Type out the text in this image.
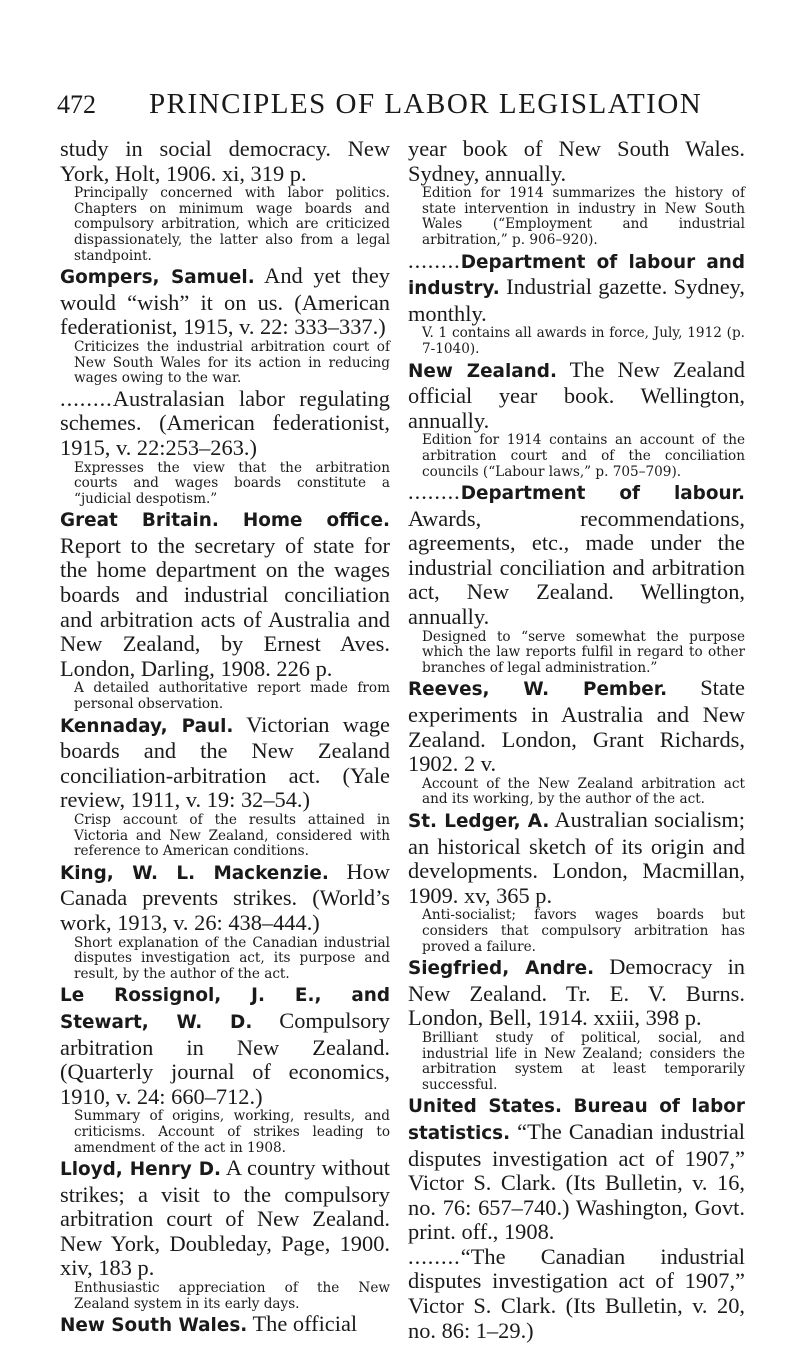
472	PRINCIPLES OF LABOR LEGISLATION

study in social democracy. New York, Holt, 1906. xi, 319 p.

Principally concerned with labor politics. Chapters on minimum wage boards and compulsory arbitration, which are criticized dispassionately, the latter also from a legal standpoint.

Gompers, Samuel. And yet they would “wish” it on us. (American federationist, 1915, v. 22: 333–337.)

Criticizes the industrial arbitration court of New South Wales for its action in reducing wages owing to the war.

........Australasian labor regulating schemes. (American federationist, 1915, v. 22:253–263.)

Expresses the view that the arbitration courts and wages boards constitute a “judicial despotism.”

Great Britain. Home office. Report to the secretary of state for the home department on the wages boards and industrial conciliation and arbitration acts of Australia and New Zealand, by Ernest Aves. London, Darling, 1908. 226 p.

A detailed authoritative report made from personal observation.

Kennaday, Paul. Victorian wage boards and the New Zealand conciliation-arbitration act. (Yale review, 1911, v. 19: 32–54.)

Crisp account of the results attained in Victoria and New Zealand, considered with reference to American conditions.

King, W. L. Mackenzie. How Canada prevents strikes. (World’s work, 1913, v. 26: 438–444.)

Short explanation of the Canadian industrial disputes investigation act, its purpose and result, by the author of the act.

Le Rossignol, J. E., and Stewart, W. D. Compulsory arbitration in New Zealand. (Quarterly journal of economics, 1910, v. 24: 660–712.)

Summary of origins, working, results, and criticisms. Account of strikes leading to amendment of the act in 1908.

Lloyd, Henry D. A country without strikes; a visit to the compulsory arbitration court of New Zealand. New York, Doubleday, Page, 1900. xiv, 183 p.

Enthusiastic appreciation of the New Zealand system in its early days.

New South Wales. The official

year book of New South Wales. Sydney, annually.

Edition for 1914 summarizes the history of state intervention in industry in New South Wales (“Employment and industrial arbitration,” p. 906–920).

........Department of labour and industry. Industrial gazette. Sydney, monthly.

V. 1 contains all awards in force, July, 1912 (p. 7-1040).

New Zealand. The New Zealand official year book. Wellington, annually.

Edition for 1914 contains an account of the arbitration court and of the conciliation councils (“Labour laws,” p. 705–709).

........Department of labour. Awards, recommendations, agreements, etc., made under the industrial conciliation and arbitration act, New Zealand. Wellington, annually.

Designed to “serve somewhat the purpose which the law reports fulfil in regard to other branches of legal administration.”

Reeves, W. Pember. State experiments in Australia and New Zealand. London, Grant Richards, 1902. 2 v.

Account of the New Zealand arbitration act and its working, by the author of the act.

St. Ledger, A. Australian socialism; an historical sketch of its origin and developments. London, Macmillan, 1909. xv, 365 p.

Anti-socialist; favors wages boards but considers that compulsory arbitration has proved a failure.

Siegfried, Andre. Democracy in New Zealand. Tr. E. V. Burns. London, Bell, 1914. xxiii, 398 p.

Brilliant study of political, social, and industrial life in New Zealand; considers the arbitration system at least temporarily successful.

United States. Bureau of labor statistics. “The Canadian industrial disputes investigation act of 1907,” Victor S. Clark. (Its Bulletin, v. 16, no. 76: 657–740.) Washington, Govt. print. off., 1908.

........“The Canadian industrial disputes investigation act of 1907,” Victor S. Clark. (Its Bulletin, v. 20, no. 86: 1–29.)
